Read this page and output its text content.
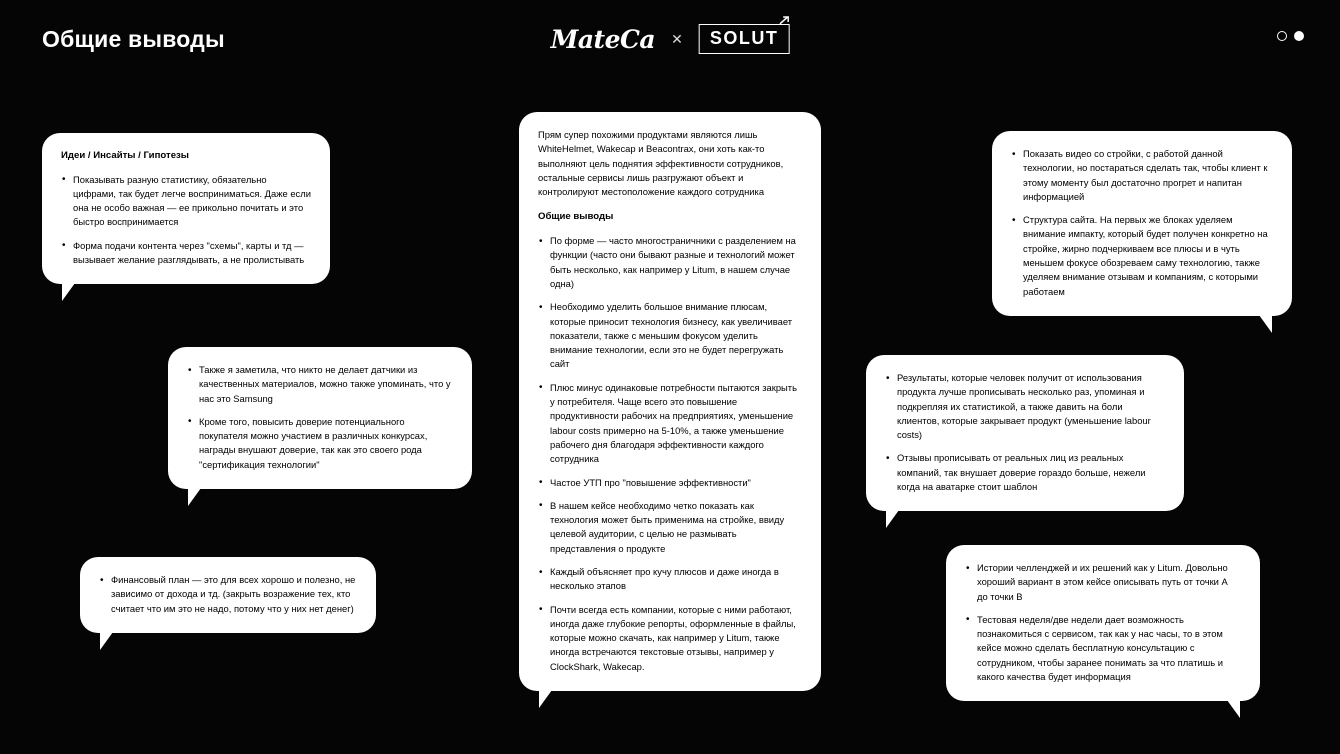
Общие выводы	MateCa ✕	SOLUT
Идеи / Инсайты / Гипотезы
• Показывать разную статистику, обязательно цифрами, так будет легче восприниматься. Даже если она не особо важная — ее прикольно почитать и это быстро воспринимается
• Форма подачи контента через "схемы", карты и тд — вызывает желание разглядывать, а не пролистывать
• Также я заметила, что никто не делает датчики из качественных материалов, можно также упоминать, что у нас это Samsung
• Кроме того, повысить доверие потенциального покупателя можно участием в различных конкурсах, награды внушают доверие, так как это своего рода "сертификация технологии"
• Финансовый план — это для всех хорошо и полезно, не зависимо от дохода и тд. (закрыть возражение тех, кто считает что им это не надо, потому что у них нет денег)

Прям супер похожими продуктами являются лишь WhiteHelmet, Wakecap и Beacontrax, они хоть как-то выполняют цель поднятия эффективности сотрудников, остальные сервисы лишь разгружают объект и контролируют местоположение каждого сотрудника

Общие выводы
• По форме — часто многостраничники с разделением на функции (часто они бывают разные и технологий может быть несколько, как например у Litum, в нашем случае одна)
• Необходимо уделить большое внимание плюсам, которые приносит технология бизнесу, как увеличивает показатели, также с меньшим фокусом уделить внимание технологии, если это не будет перегружать сайт
• Плюс минус одинаковые потребности пытаются закрыть у потребителя. Чаще всего это повышение продуктивности рабочих на предприятиях, уменьшение labour costs примерно на 5-10%, а также уменьшение рабочего дня благодаря эффективности каждого сотрудника
• Частое УТП про "повышение эффективности"
• В нашем кейсе необходимо четко показать как технология может быть применима на стройке, ввиду целевой аудитории, с целью не размывать представления о продукте
• Каждый объясняет про кучу плюсов и даже иногда в несколько этапов
• Почти всегда есть компании, которые с ними работают, иногда даже глубокие репорты, оформленные в файлы, которые можно скачать, как например у Litum, также иногда встречаются текстовые отзывы, например у ClockShark, Wakecap.
• Показать видео со стройки, с работой данной технологии, но постараться сделать так, чтобы клиент к этому моменту был достаточно прогрет и напитан информацией
• Структура сайта. На первых же блоках уделяем внимание импакту, который будет получен конкретно на стройке, жирно подчеркиваем все плюсы и в чуть меньшем фокусе обозреваем саму технологию, также уделяем внимание отзывам и компаниям, с которыми работаем
• Результаты, которые человек получит от использования продукта лучше прописывать несколько раз, упоминая и подкрепляя их статистикой, а также давить на боли клиентов, которые закрывает продукт (уменьшение labour costs)
• Отзывы прописывать от реальных лиц из реальных компаний, так внушает доверие гораздо больше, нежели когда на аватарке стоит шаблон
• Истории челленджей и их решений как у Litum. Довольно хороший вариант в этом кейсе описывать путь от точки А до точки В
• Тестовая неделя/две недели дает возможность познакомиться с сервисом, так как у нас часы, то в этом кейсе можно сделать бесплатную консультацию с сотрудником, чтобы заранее понимать за что платишь и какого качества будет информация
